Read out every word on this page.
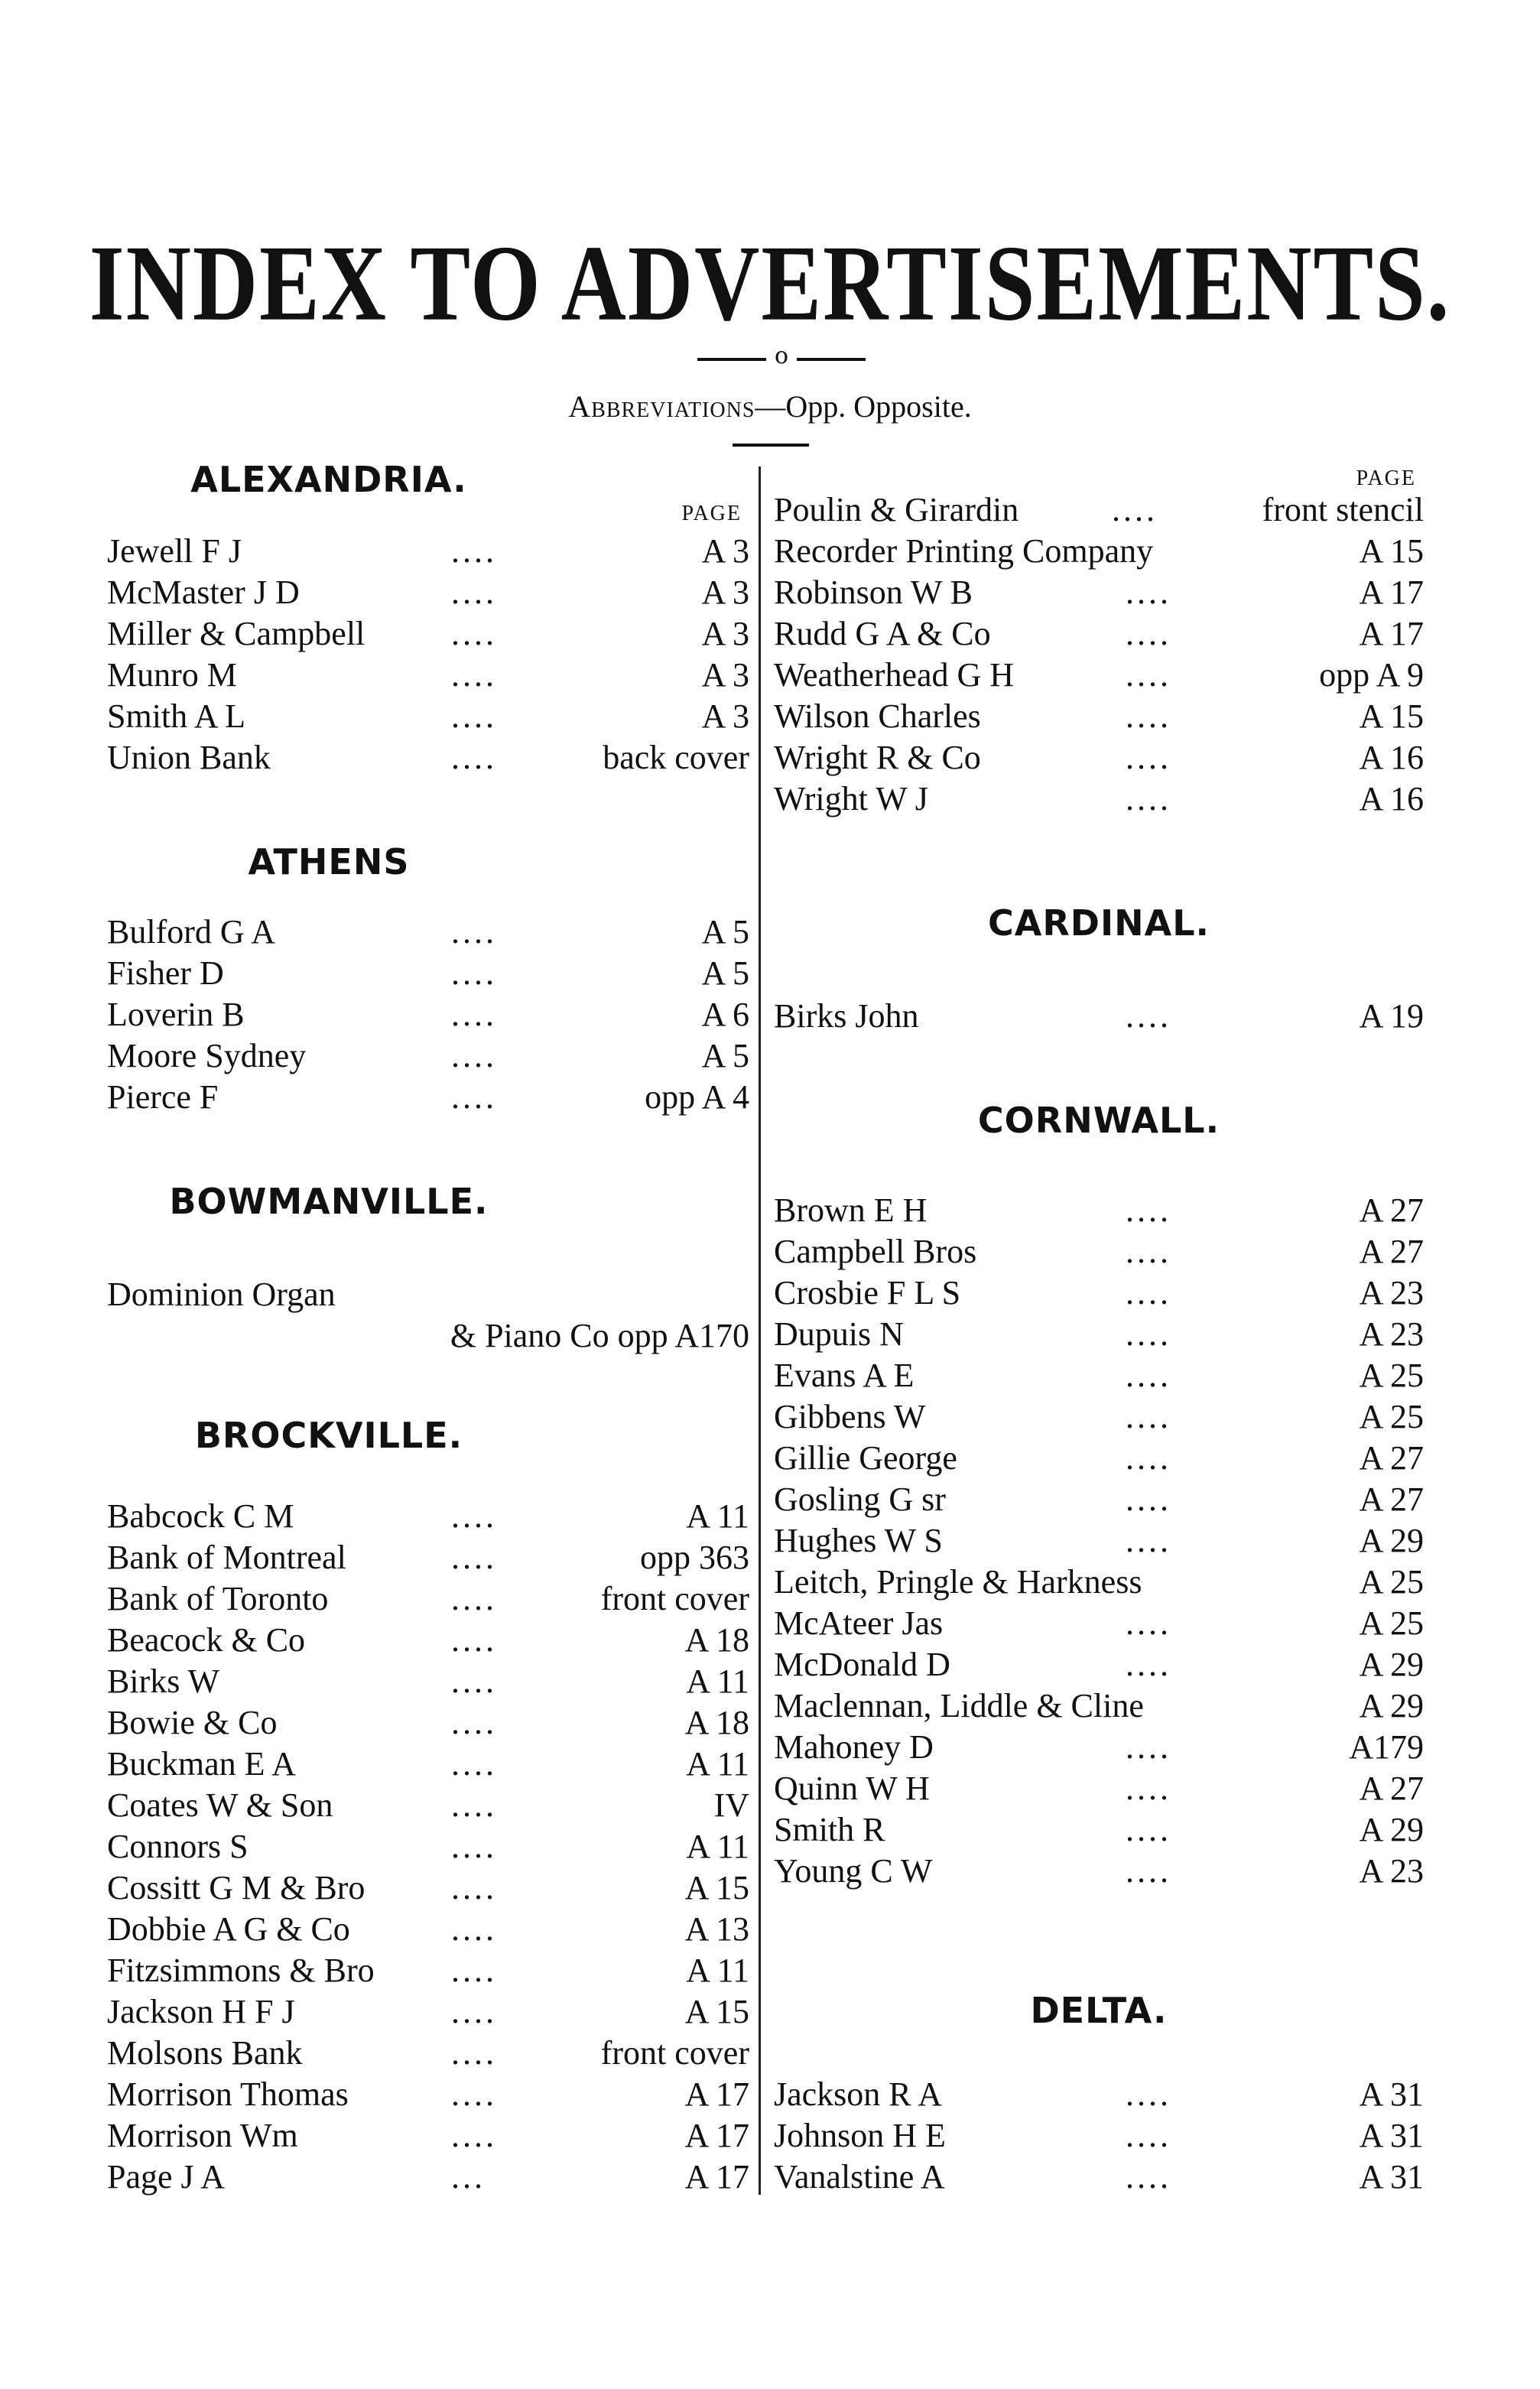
INDEX TO ADVERTISEMENTS.
o
Abbreviations—Opp. Opposite.
ALEXANDRIA.
PAGE
Jewell F J	....	A 3
McMaster J D	....	A 3
Miller & Campbell	....	A 3
Munro M	....	A 3
Smith A L	....	A 3
Union Bank	....	back cover
ATHENS
Bulford G A	....	A 5
Fisher D	....	A 5
Loverin B	....	A 6
Moore Sydney	....	A 5
Pierce F	....	opp A 4
BOWMANVILLE.
Dominion Organ
& Piano Co opp A170
BROCKVILLE.
Babcock C M	....	A 11
Bank of Montreal	....	opp 363
Bank of Toronto	....	front cover
Beacock & Co	....	A 18
Birks W	....	A 11
Bowie & Co	....	A 18
Buckman E A	....	A 11
Coates W & Son	....	IV
Connors S	....	A 11
Cossitt G M & Bro	....	A 15
Dobbie A G & Co	....	A 13
Fitzsimmons & Bro ....	A 11
Jackson H F J	....	A 15
Molsons Bank	....	front cover
Morrison Thomas	....	A 17
Morrison Wm	....	A 17
Page J A	...	A 17
PAGE
Poulin & Girardin	....	front stencil
Recorder Printing Company	A 15
Robinson W B	....	A 17
Rudd G A & Co	....	A 17
Weatherhead G H	....	opp A 9
Wilson Charles	....	A 15
Wright R & Co	....	A 16
Wright W J	....	A 16
CARDINAL.
Birks John	....	A 19
CORNWALL.
Brown E H	....	A 27
Campbell Bros	....	A 27
Crosbie F L S	....	A 23
Dupuis N	....	A 23
Evans A E	....	A 25
Gibbens W	....	A 25
Gillie George	....	A 27
Gosling G sr	....	A 27
Hughes W S	....	A 29
Leitch, Pringle & Harkness	A 25
McAteer Jas	....	A 25
McDonald D	....	A 29
Maclennan, Liddle & Cline	A 29
Mahoney D	....	A179
Quinn W H	....	A 27
Smith R	....	A 29
Young C W	....	A 23
DELTA.
Jackson R A	....	A 31
Johnson H E	....	A 31
Vanalstine A	....	A 31
